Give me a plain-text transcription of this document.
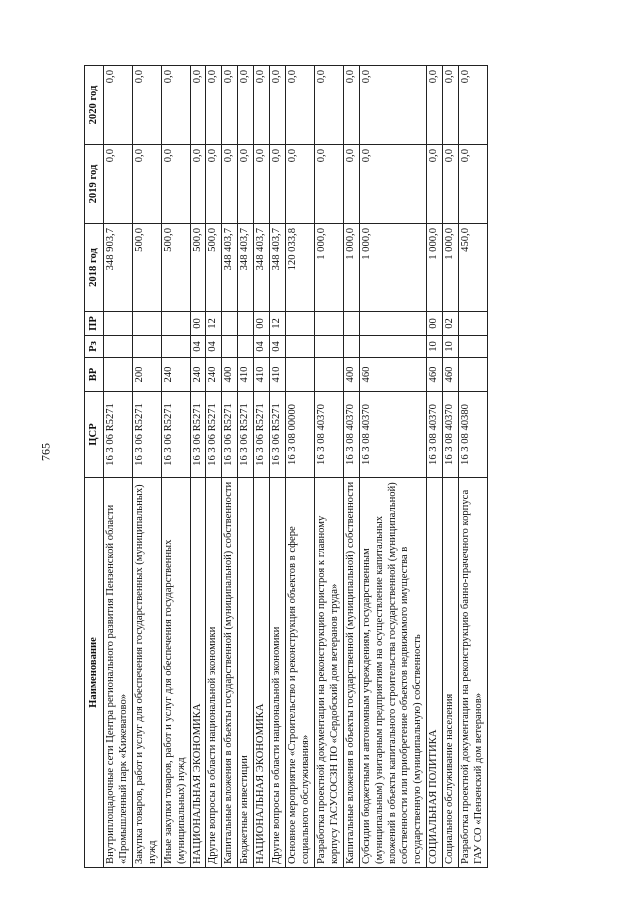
765
Наименование	ЦСР	ВР	Рз	ПР	2018 год	2019 год	2020 год
Внутриплощадочные сети Центра регионального развития Пензенской области «Промышленный парк «Кижеватово»	16 3 06 R5271				348 903,7	0,0	0,0
Закупка товаров, работ и услуг для обеспечения государственных (муниципальных) нужд	16 3 06 R5271	200			500,0	0,0	0,0
Иные закупки товаров, работ и услуг для обеспечения государственных (муниципальных) нужд	16 3 06 R5271	240			500,0	0,0	0,0
НАЦИОНАЛЬНАЯ ЭКОНОМИКА	16 3 06 R5271	240	04	00	500,0	0,0	0,0
Другие вопросы в области национальной экономики	16 3 06 R5271	240	04	12	500,0	0,0	0,0
Капитальные вложения в объекты государственной (муниципальной) собственности	16 3 06 R5271	400			348 403,7	0,0	0,0
Бюджетные инвестиции	16 3 06 R5271	410			348 403,7	0,0	0,0
НАЦИОНАЛЬНАЯ ЭКОНОМИКА	16 3 06 R5271	410	04	00	348 403,7	0,0	0,0
Другие вопросы в области национальной экономики	16 3 06 R5271	410	04	12	348 403,7	0,0	0,0
Основное мероприятие «Строительство и реконструкция объектов в сфере социального обслуживания»	16 3 08 00000				120 033,8	0,0	0,0
Разработка проектной документации на реконструкцию пристроя к главному корпусу ГАСУСОСЗН ПО «Сердобский дом ветеранов труда»	16 3 08 40370				1 000,0	0,0	0,0
Капитальные вложения в объекты государственной (муниципальной) собственности	16 3 08 40370	400			1 000,0	0,0	0,0
Субсидии бюджетным и автономным учреждениям, государственным (муниципальным) унитарным предприятиям на осуществление капитальных вложений в объекты капитального строительства государственной (муниципальной) собственности или приобретение объектов недвижимого имущества в государственную (муниципальную) собственность	16 3 08 40370	460			1 000,0	0,0	0,0
СОЦИАЛЬНАЯ ПОЛИТИКА	16 3 08 40370	460	10	00	1 000,0	0,0	0,0
Социальное обслуживание населения	16 3 08 40370	460	10	02	1 000,0	0,0	0,0
Разработка проектной документации на реконструкцию банно-прачечного корпуса ГАУ СО «Пензенский дом ветеранов»	16 3 08 40380				450,0	0,0	0,0
